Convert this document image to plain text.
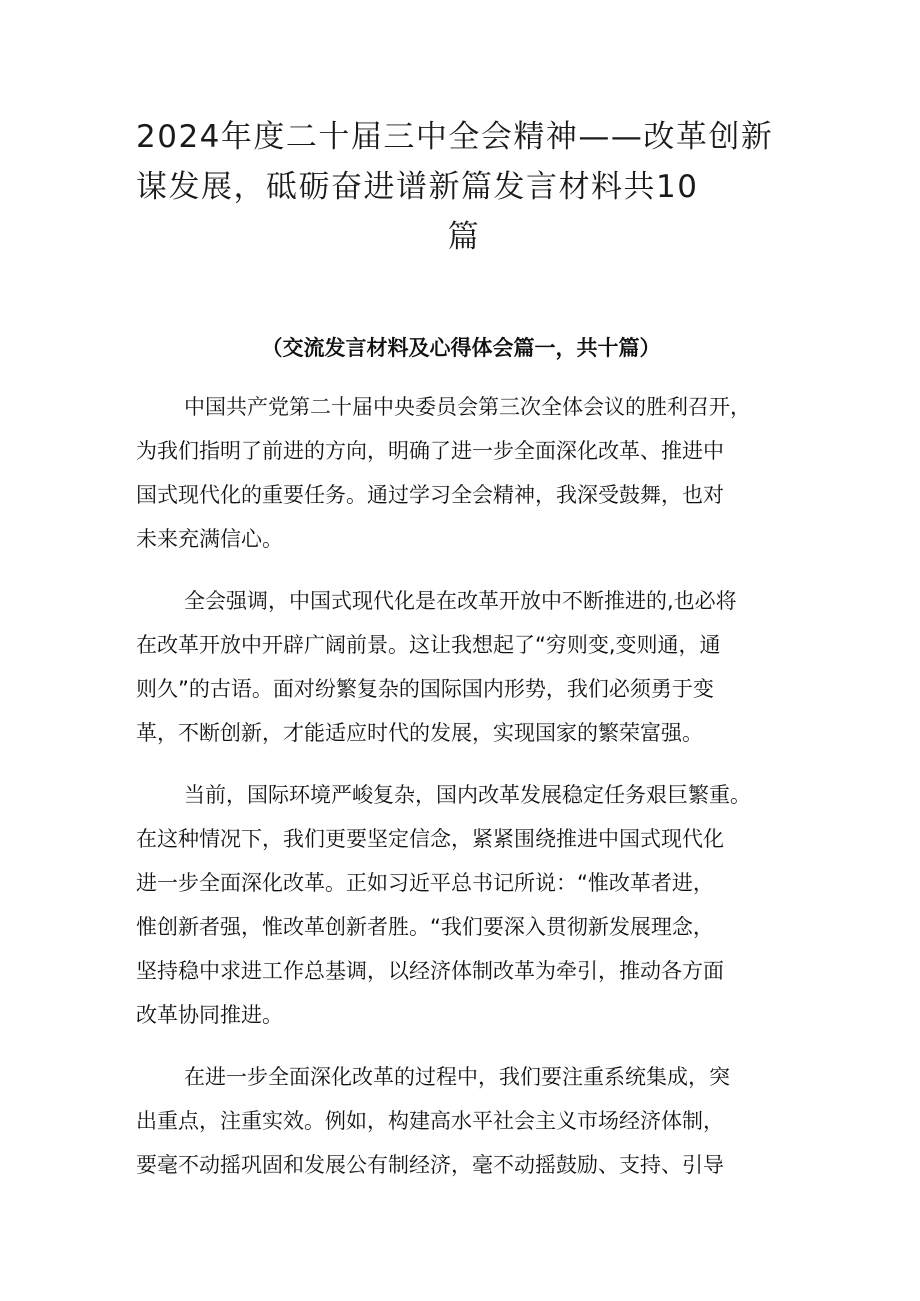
2024年度二十届三中全会精神——改革创新
谋发展，砥砺奋进谱新篇发言材料共10
篇
（交流发言材料及心得体会篇一，共十篇）
中国共产党第二十届中央委员会第三次全体会议的胜利召开，
为我们指明了前进的方向，明确了进一步全面深化改革、推进中
国式现代化的重要任务。通过学习全会精神，我深受鼓舞，也对
未来充满信心。
全会强调，中国式现代化是在改革开放中不断推进的,也必将
在改革开放中开辟广阔前景。这让我想起了“穷则变,变则通，通
则久”的古语。面对纷繁复杂的国际国内形势，我们必须勇于变
革，不断创新，才能适应时代的发展，实现国家的繁荣富强。
当前，国际环境严峻复杂，国内改革发展稳定任务艰巨繁重。
在这种情况下，我们更要坚定信念，紧紧围绕推进中国式现代化
进一步全面深化改革。正如习近平总书记所说：“惟改革者进，
惟创新者强，惟改革创新者胜。“我们要深入贯彻新发展理念，
坚持稳中求进工作总基调，以经济体制改革为牵引，推动各方面
改革协同推进。
在进一步全面深化改革的过程中，我们要注重系统集成，突
出重点，注重实效。例如，构建高水平社会主义市场经济体制，
要毫不动摇巩固和发展公有制经济，毫不动摇鼓励、支持、引导
